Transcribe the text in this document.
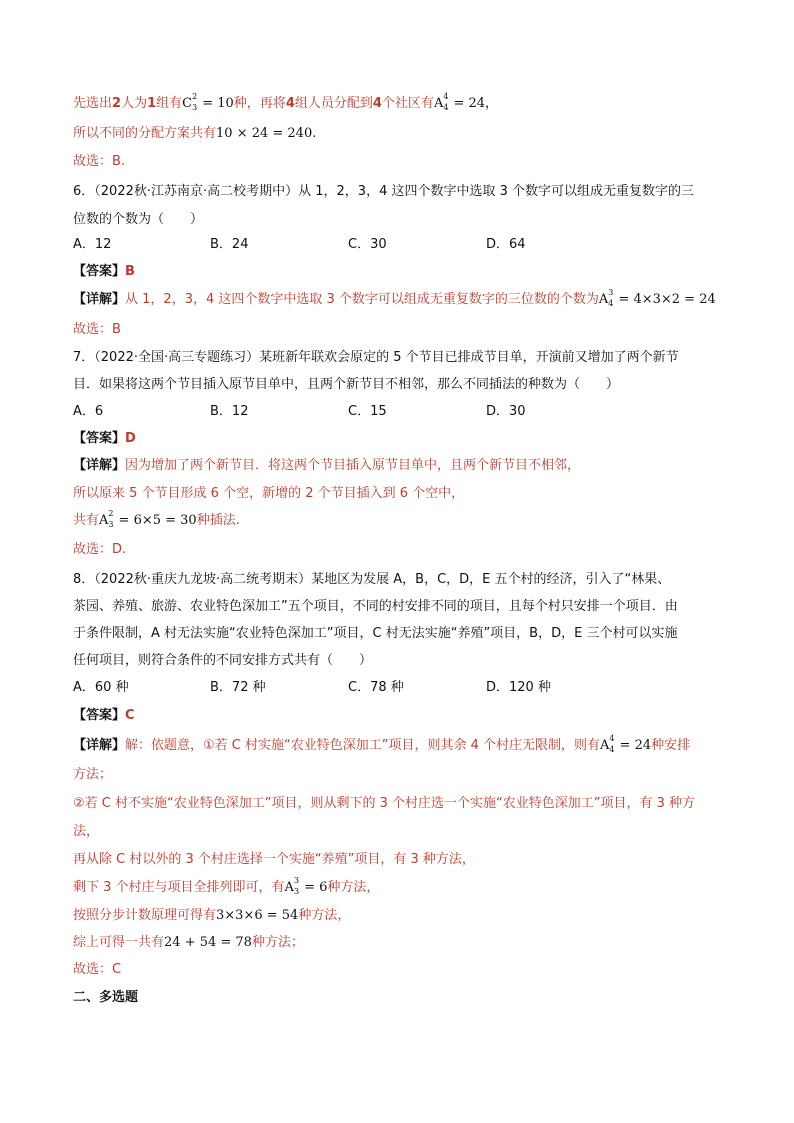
先选出2人为1组有C 2
3 = 10种，再将4组人员分配到4个社区有A 4
4 = 24，
所以不同的分配方案共有10 × 24 = 240.
故选：B.
6．（2022秋·江苏南京·高二校考期中）从 1，2，3，4 这四个数字中选取 3 个数字可以组成无重复数字的三
位数的个数为（　　）
A．12	B．24	C．30	D．64
【答案】B
【详解】从 1，2，3，4 这四个数字中选取 3 个数字可以组成无重复数字的三位数的个数为A 3
4 = 4×3×2 = 24
故选：B
7．（2022·全国·高三专题练习）某班新年联欢会原定的 5 个节目已排成节目单，开演前又增加了两个新节
目．如果将这两个节目插入原节目单中，且两个新节目不相邻，那么不同插法的种数为（　　）
A．6	B．12	C．15	D．30
【答案】D
【详解】因为增加了两个新节目．将这两个节目插入原节目单中，且两个新节目不相邻，
所以原来 5 个节目形成 6 个空，新增的 2 个节目插入到 6 个空中，
共有A 2
3 = 6×5 = 30种插法.
故选：D.
8．（2022秋·重庆九龙坡·高二统考期末）某地区为发展 A，B，C，D，E 五个村的经济，引入了“林果、
茶园、养殖、旅游、农业特色深加工”五个项目，不同的村安排不同的项目，且每个村只安排一个项目．由
于条件限制，A 村无法实施“农业特色深加工”项目，C 村无法实施“养殖”项目，B，D，E 三个村可以实施
任何项目，则符合条件的不同安排方式共有（　　）
A．60 种	B．72 种	C．78 种	D．120 种
【答案】C
【详解】解：依题意，①若 C 村实施“农业特色深加工”项目，则其余 4 个村庄无限制，则有A 4
4 = 24种安排
方法；
②若 C 村不实施“农业特色深加工”项目，则从剩下的 3 个村庄选一个实施“农业特色深加工”项目，有 3 种方
法，
再从除 C 村以外的 3 个村庄选择一个实施“养殖”项目，有 3 种方法，
剩下 3 个村庄与项目全排列即可，有A 3
3 = 6种方法，
按照分步计数原理可得有3×3×6 = 54种方法，
综上可得一共有24 + 54 = 78种方法；
故选：C
二、多选题
